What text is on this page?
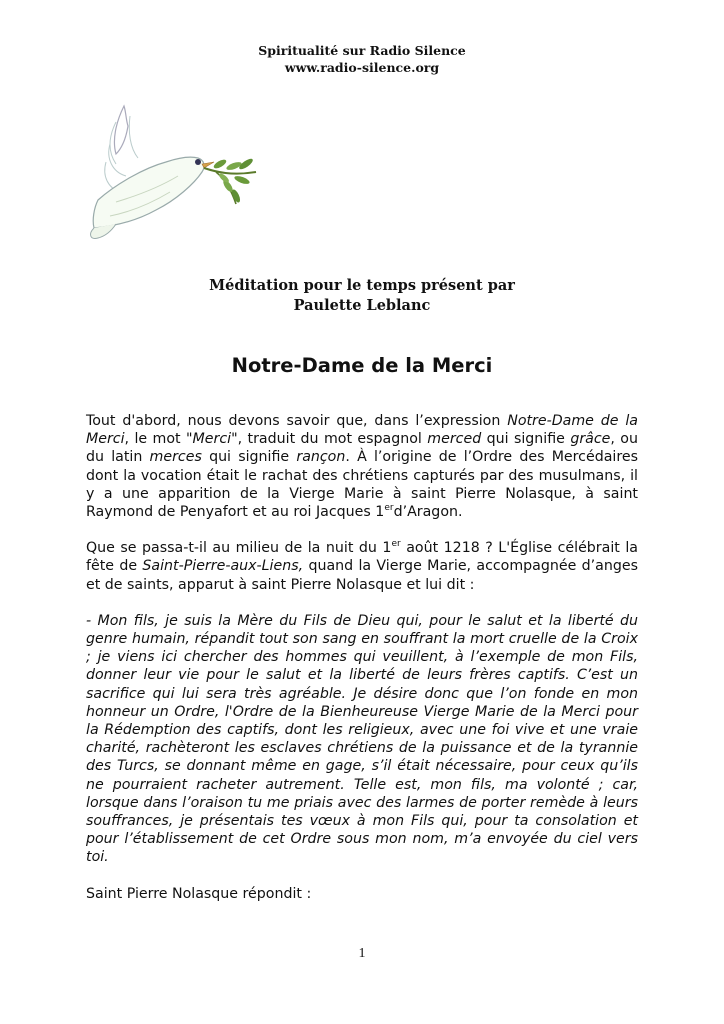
Spiritualité sur Radio Silence
www.radio-silence.org
Méditation pour le temps présent par
Paulette Leblanc
Notre-Dame de la Merci

Tout d'abord, nous devons savoir que, dans l’expression Notre-Dame de la Merci, le mot "Merci", traduit du mot espagnol merced qui signifie grâce, ou du latin merces qui signifie rançon. À l’origine de l’Ordre des Mercédaires dont la vocation était le rachat des chrétiens capturés par des musulmans, il y a une apparition de la Vierge Marie à saint Pierre Nolasque, à saint Raymond de Penyafort et au roi Jacques 1erd’Aragon.

Que se passa-t-il au milieu de la nuit du 1er août 1218 ? L'Église célébrait la fête de Saint-Pierre-aux-Liens, quand la Vierge Marie, accompagnée d’anges et de saints, apparut à saint Pierre Nolasque et lui dit :

- Mon fils, je suis la Mère du Fils de Dieu qui, pour le salut et la liberté du genre humain, répandit tout son sang en souffrant la mort cruelle de la Croix ; je viens ici chercher des hommes qui veuillent, à l’exemple de mon Fils, donner leur vie pour le salut et la liberté de leurs frères captifs. C’est un sacrifice qui lui sera très agréable. Je désire donc que l’on fonde en mon honneur un Ordre, l'Ordre de la Bienheureuse Vierge Marie de la Merci pour la Rédemption des captifs, dont les religieux, avec une foi vive et une vraie charité, rachèteront les esclaves chrétiens de la puissance et de la tyrannie des Turcs, se donnant même en gage, s’il était nécessaire, pour ceux qu’ils ne pourraient racheter autrement. Telle est, mon fils, ma volonté ; car, lorsque dans l’oraison tu me priais avec des larmes de porter remède à leurs souffrances, je présentais tes vœux à mon Fils qui, pour ta consolation et pour l’établissement de cet Ordre sous mon nom, m’a envoyée du ciel vers toi.

Saint Pierre Nolasque répondit :

1
